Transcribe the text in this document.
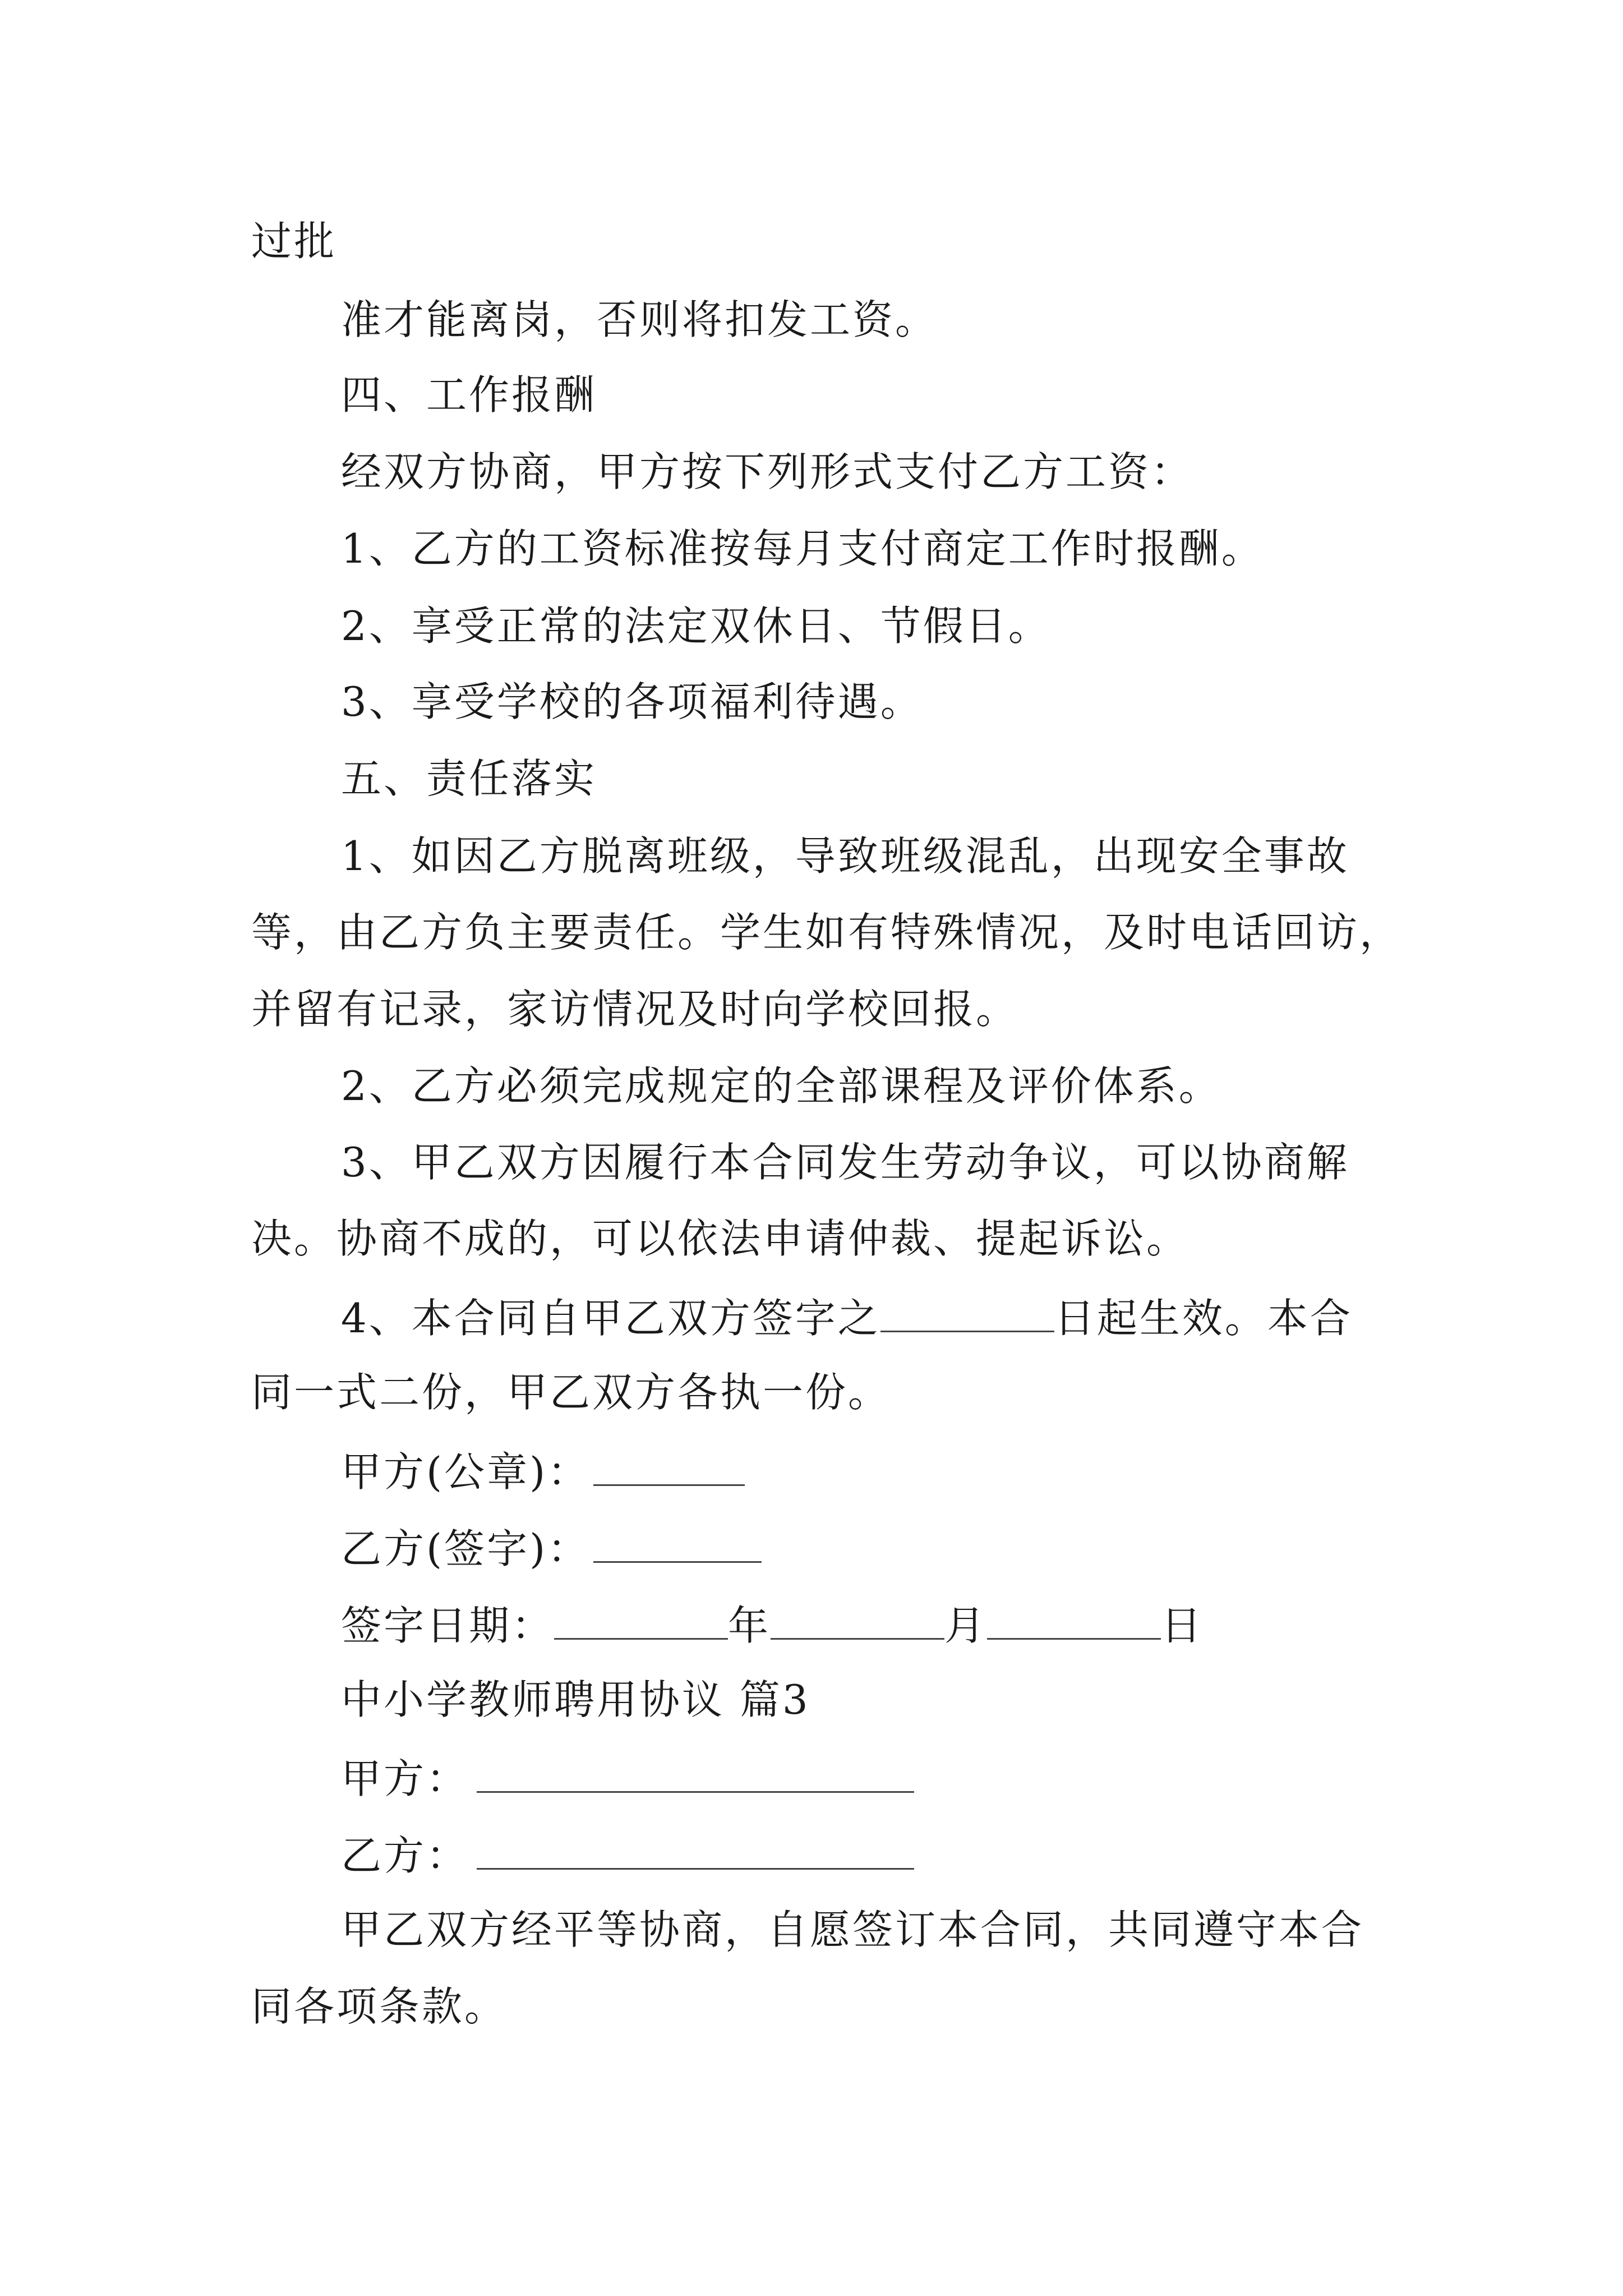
过批
准才能离岗，否则将扣发工资。
四、工作报酬
经双方协商，甲方按下列形式支付乙方工资：
1、乙方的工资标准按每月支付商定工作时报酬。
2、享受正常的法定双休日、节假日。
3、享受学校的各项福利待遇。
五、责任落实
1、如因乙方脱离班级，导致班级混乱，出现安全事故
等，由乙方负主要责任。学生如有特殊情况，及时电话回访，
并留有记录，家访情况及时向学校回报。
2、乙方必须完成规定的全部课程及评价体系。
3、甲乙双方因履行本合同发生劳动争议，可以协商解
决。协商不成的，可以依法申请仲裁、提起诉讼。
4、本合同自甲乙双方签字之	日起生效。本合
同一式二份，甲乙双方各执一份。
甲方(公章)：
乙方(签字)：
签字日期：	年	月	日
中小学教师聘用协议 篇3
甲方：
乙方：
甲乙双方经平等协商，自愿签订本合同，共同遵守本合
同各项条款。
